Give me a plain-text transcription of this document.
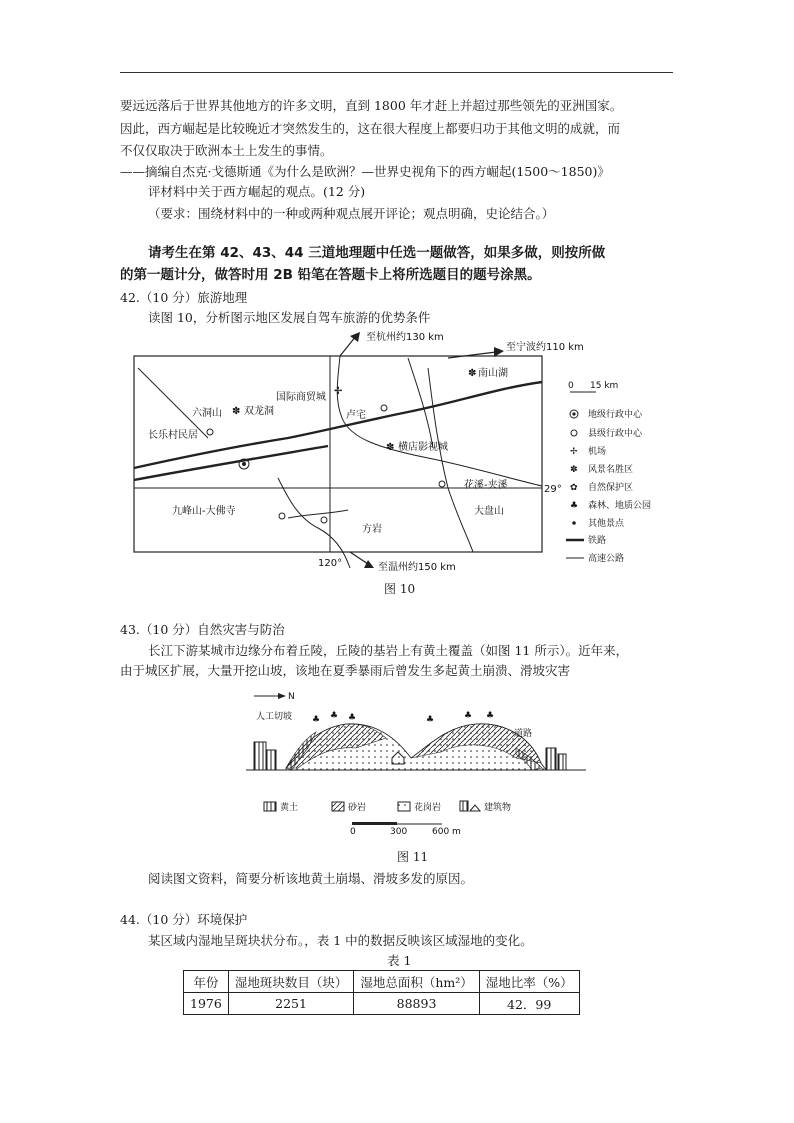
要远远落后于世界其他地方的许多文明，直到 1800 年才赶上并超过那些领先的亚洲国家。
因此，西方崛起是比较晚近才突然发生的，这在很大程度上都要归功于其他文明的成就，而
不仅仅取决于欧洲本土上发生的事情。
——摘编自杰克·戈德斯通《为什么是欧洲？—世界史视角下的西方崛起(1500～1850)》
评材料中关于西方崛起的观点。(12 分)
（要求：围绕材料中的一种或两种观点展开评论；观点明确，史论结合。）
请考生在第 42、43、44 三道地理题中任选一题做答，如果多做，则按所做
的第一题计分，做答时用 2B 铅笔在答题卡上将所选题目的题号涂黑。
42.（10 分）旅游地理
读图 10，分析图示地区发展自驾车旅游的优势条件
至杭州约130 km
至宁波约110 km
至温州约150 km
南山湖
✽
六洞山 ✽ 双龙洞
国际商贸城
长乐村民居
卢宅
横店影视城
✽
花溪-夹溪
九峰山-大佛寺
方岩
大盘山
120°
29°
✢	0 15 km
地级行政中心
县级行政中心
✢ 机场
✽ 风景名胜区
✿ 自然保护区
♣ 森林、地质公园
其他景点
铁路
高速公路
图 10
43.（10 分）自然灾害与防治
长江下游某城市边缘分布着丘陵，丘陵的基岩上有黄土覆盖（如图 11 所示）。近年来，
由于城区扩展，大量开挖山坡，该地在夏季暴雨后曾发生多起黄土崩溃、滑坡灾害
N
人工切坡 ♣ ♣ ♣	♣	♣ ♣
道路
黄土	砂岩	花岗岩	建筑物
0	300	600 m
图 11
阅读图文资料，简要分析该地黄土崩塌、滑坡多发的原因。
44.（10 分）环境保护
某区域内湿地呈斑块状分布。，表 1 中的数据反映该区域湿地的变化。
表 1
年份	湿地斑块数目（块）	湿地总面积（hm²）	湿地比率（%）
1976	2251	88893	42．99
